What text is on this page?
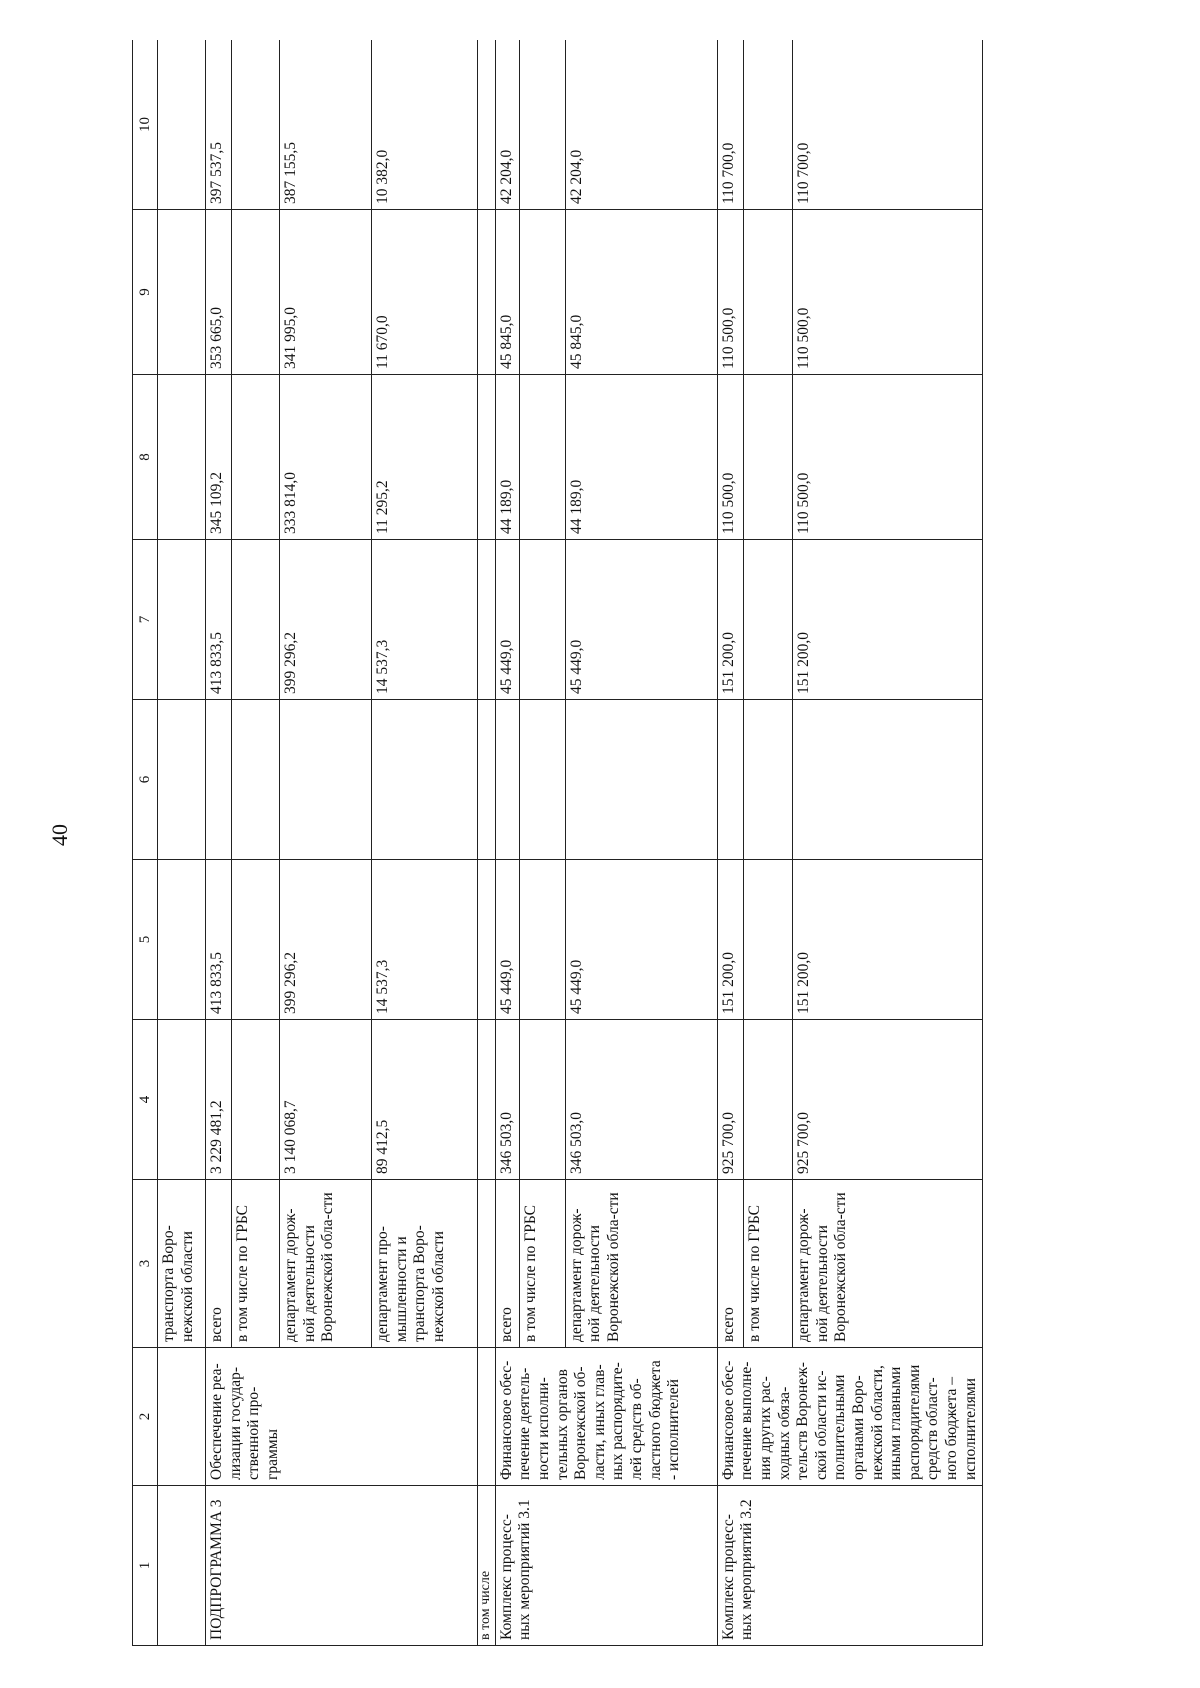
40
1	2	3	4	5	6	7	8	9	10
		транспорта Воро-нежской области							
ПОДПРОГРАММА 3	Обеспечение реа-лизации государ-ственной про-граммы	всего	3 229 481,2	413 833,5		413 833,5	345 109,2	353 665,0	397 537,5
		в том числе по ГРБС							
		департамент дорож-ной деятельности Воронежской обла-сти	3 140 068,7	399 296,2		399 296,2	333 814,0	341 995,0	387 155,5
		департамент про-мышленности и транспорта Воро-нежской области	89 412,5	14 537,3		14 537,3	11 295,2	11 670,0	10 382,0
в том числе									
Комплекс процесс-ных мероприятий 3.1	Финансовое обес-печение деятель-ности исполни-тельных органов Воронежской об-ласти, иных глав-ных распорядите-лей средств об-ластного бюджета - исполнителей	всего	346 503,0	45 449,0		45 449,0	44 189,0	45 845,0	42 204,0
		в том числе по ГРБС							
		департамент дорож-ной деятельности Воронежской обла-сти	346 503,0	45 449,0		45 449,0	44 189,0	45 845,0	42 204,0
Комплекс процесс-ных мероприятий 3.2	Финансовое обес-печение выполне-ния других рас-ходных обяза-тельств Воронеж-ской области ис-полнительными органами Воро-нежской области, иными главными распорядителями средств област-ного бюджета – исполнителями	всего	925 700,0	151 200,0		151 200,0	110 500,0	110 500,0	110 700,0
		в том числе по ГРБС							
		департамент дорож-ной деятельности Воронежской обла-сти	925 700,0	151 200,0		151 200,0	110 500,0	110 500,0	110 700,0
